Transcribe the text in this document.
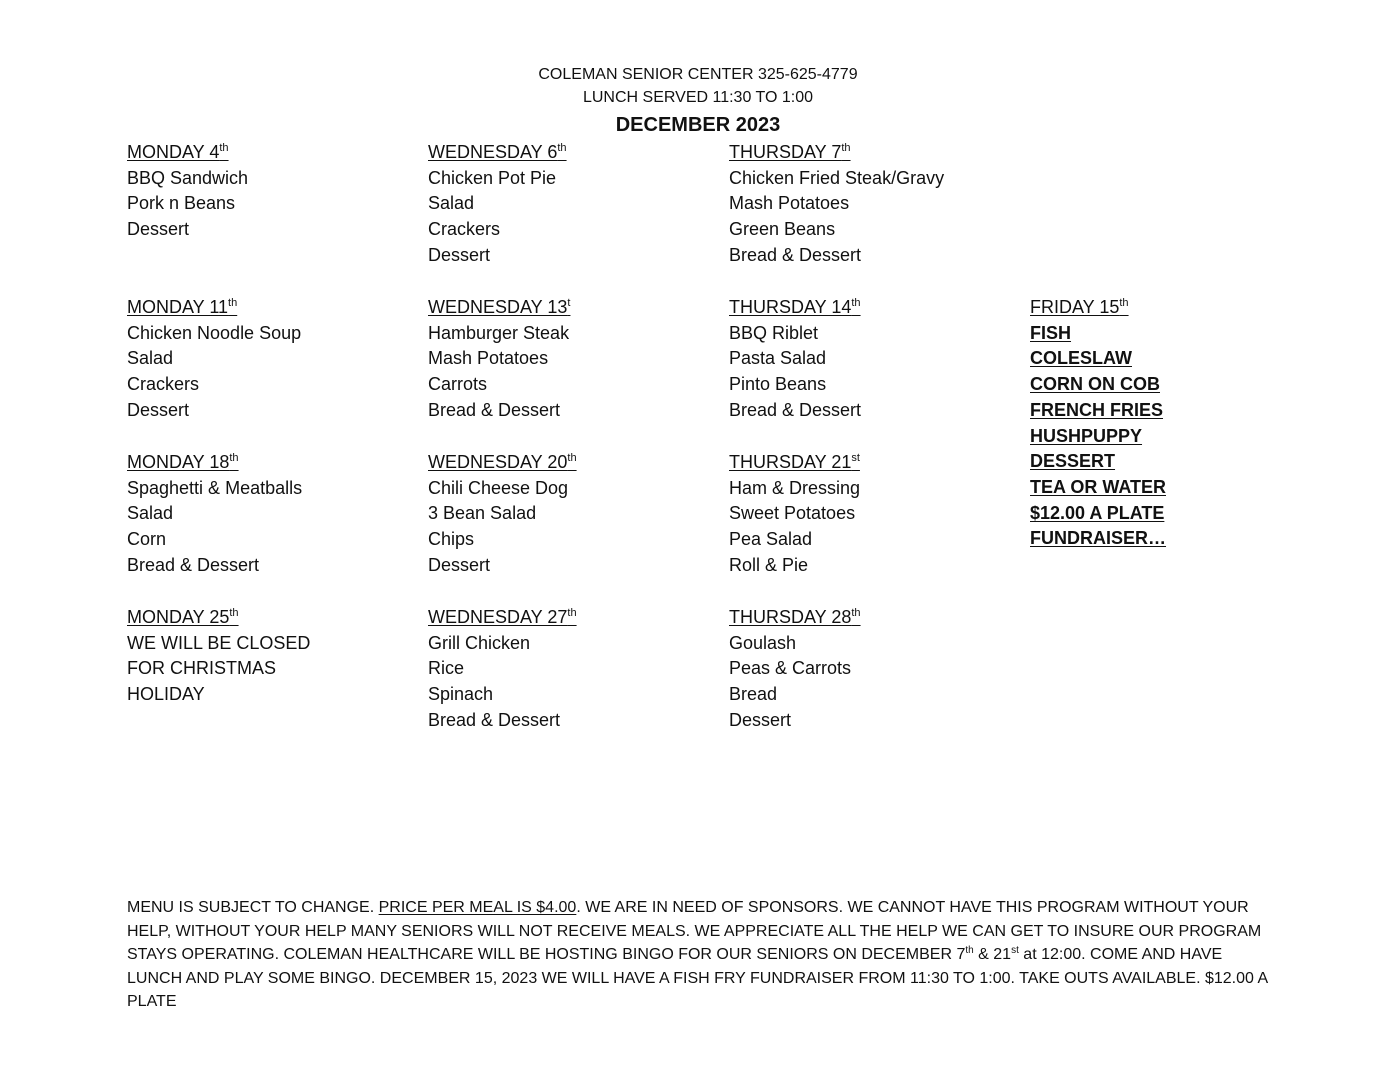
COLEMAN SENIOR CENTER 325-625-4779
LUNCH SERVED 11:30 TO 1:00
DECEMBER 2023
MONDAY 4th
BBQ Sandwich
Pork n Beans
Dessert
WEDNESDAY 6th
Chicken Pot Pie
Salad
Crackers
Dessert
THURSDAY 7th
Chicken Fried Steak/Gravy
Mash Potatoes
Green Beans
Bread & Dessert
MONDAY 11th
Chicken Noodle Soup
Salad
Crackers
Dessert
WEDNESDAY 13$^t$
Hamburger Steak
Mash Potatoes
Carrots
Bread & Dessert
THURSDAY 14th
BBQ Riblet
Pasta Salad
Pinto Beans
Bread & Dessert
FRIDAY 15th
FISH
COLESLAW
CORN ON COB
FRENCH FRIES
HUSHPUPPY
DESSERT
TEA OR WATER
$12.00 A PLATE
FUNDRAISER…
MONDAY 18th
Spaghetti & Meatballs
Salad
Corn
Bread & Dessert
WEDNESDAY 20th
Chili Cheese Dog
3 Bean Salad
Chips
Dessert
THURSDAY 21st
Ham & Dressing
Sweet Potatoes
Pea Salad
Roll & Pie
MONDAY 25th
WE WILL BE CLOSED
FOR CHRISTMAS
HOLIDAY
WEDNESDAY 27th
Grill Chicken
Rice
Spinach
Bread & Dessert
THURSDAY 28th
Goulash
Peas & Carrots
Bread
Dessert
MENU IS SUBJECT TO CHANGE. PRICE PER MEAL IS $4.00. WE ARE IN NEED OF SPONSORS. WE CANNOT HAVE THIS PROGRAM WITHOUT YOUR HELP, WITHOUT YOUR HELP MANY SENIORS WILL NOT RECEIVE MEALS. WE APPRECIATE ALL THE HELP WE CAN GET TO INSURE OUR PROGRAM STAYS OPERATING. COLEMAN HEALTHCARE WILL BE HOSTING BINGO FOR OUR SENIORS ON DECEMBER 7th & 21st at 12:00. COME AND HAVE LUNCH AND PLAY SOME BINGO. DECEMBER 15, 2023 WE WILL HAVE A FISH FRY FUNDRAISER FROM 11:30 TO 1:00. TAKE OUTS AVAILABLE. $12.00 A PLATE
